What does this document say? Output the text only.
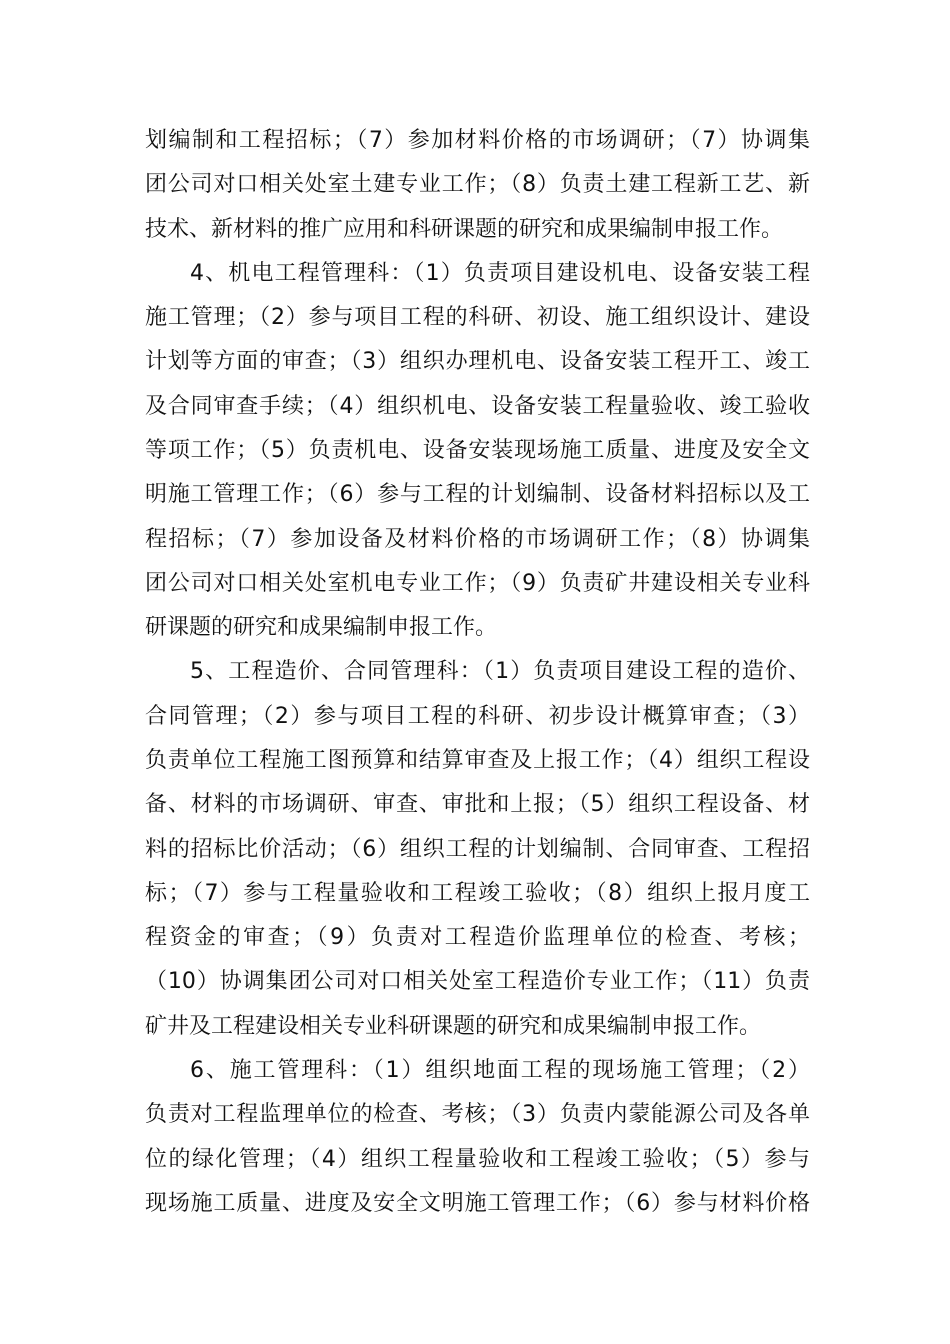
划编制和工程招标；（7）参加材料价格的市场调研；（7）协调集
团公司对口相关处室土建专业工作；（8）负责土建工程新工艺、新
技术、新材料的推广应用和科研课题的研究和成果编制申报工作。
4、机电工程管理科：（1）负责项目建设机电、设备安装工程
施工管理；（2）参与项目工程的科研、初设、施工组织设计、建设
计划等方面的审查；（3）组织办理机电、设备安装工程开工、竣工
及合同审查手续；（4）组织机电、设备安装工程量验收、竣工验收
等项工作；（5）负责机电、设备安装现场施工质量、进度及安全文
明施工管理工作；（6）参与工程的计划编制、设备材料招标以及工
程招标；（7）参加设备及材料价格的市场调研工作；（8）协调集
团公司对口相关处室机电专业工作；（9）负责矿井建设相关专业科
研课题的研究和成果编制申报工作。
5、工程造价、合同管理科：（1）负责项目建设工程的造价、
合同管理；（2）参与项目工程的科研、初步设计概算审查；（3）
负责单位工程施工图预算和结算审查及上报工作；（4）组织工程设
备、材料的市场调研、审查、审批和上报；（5）组织工程设备、材
料的招标比价活动；（6）组织工程的计划编制、合同审查、工程招
标；（7）参与工程量验收和工程竣工验收；（8）组织上报月度工
程资金的审查；（9）负责对工程造价监理单位的检查、考核；
（10）协调集团公司对口相关处室工程造价专业工作；（11）负责
矿井及工程建设相关专业科研课题的研究和成果编制申报工作。
6、施工管理科：（1）组织地面工程的现场施工管理；（2）
负责对工程监理单位的检查、考核；（3）负责内蒙能源公司及各单
位的绿化管理；（4）组织工程量验收和工程竣工验收；（5）参与
现场施工质量、进度及安全文明施工管理工作；（6）参与材料价格
